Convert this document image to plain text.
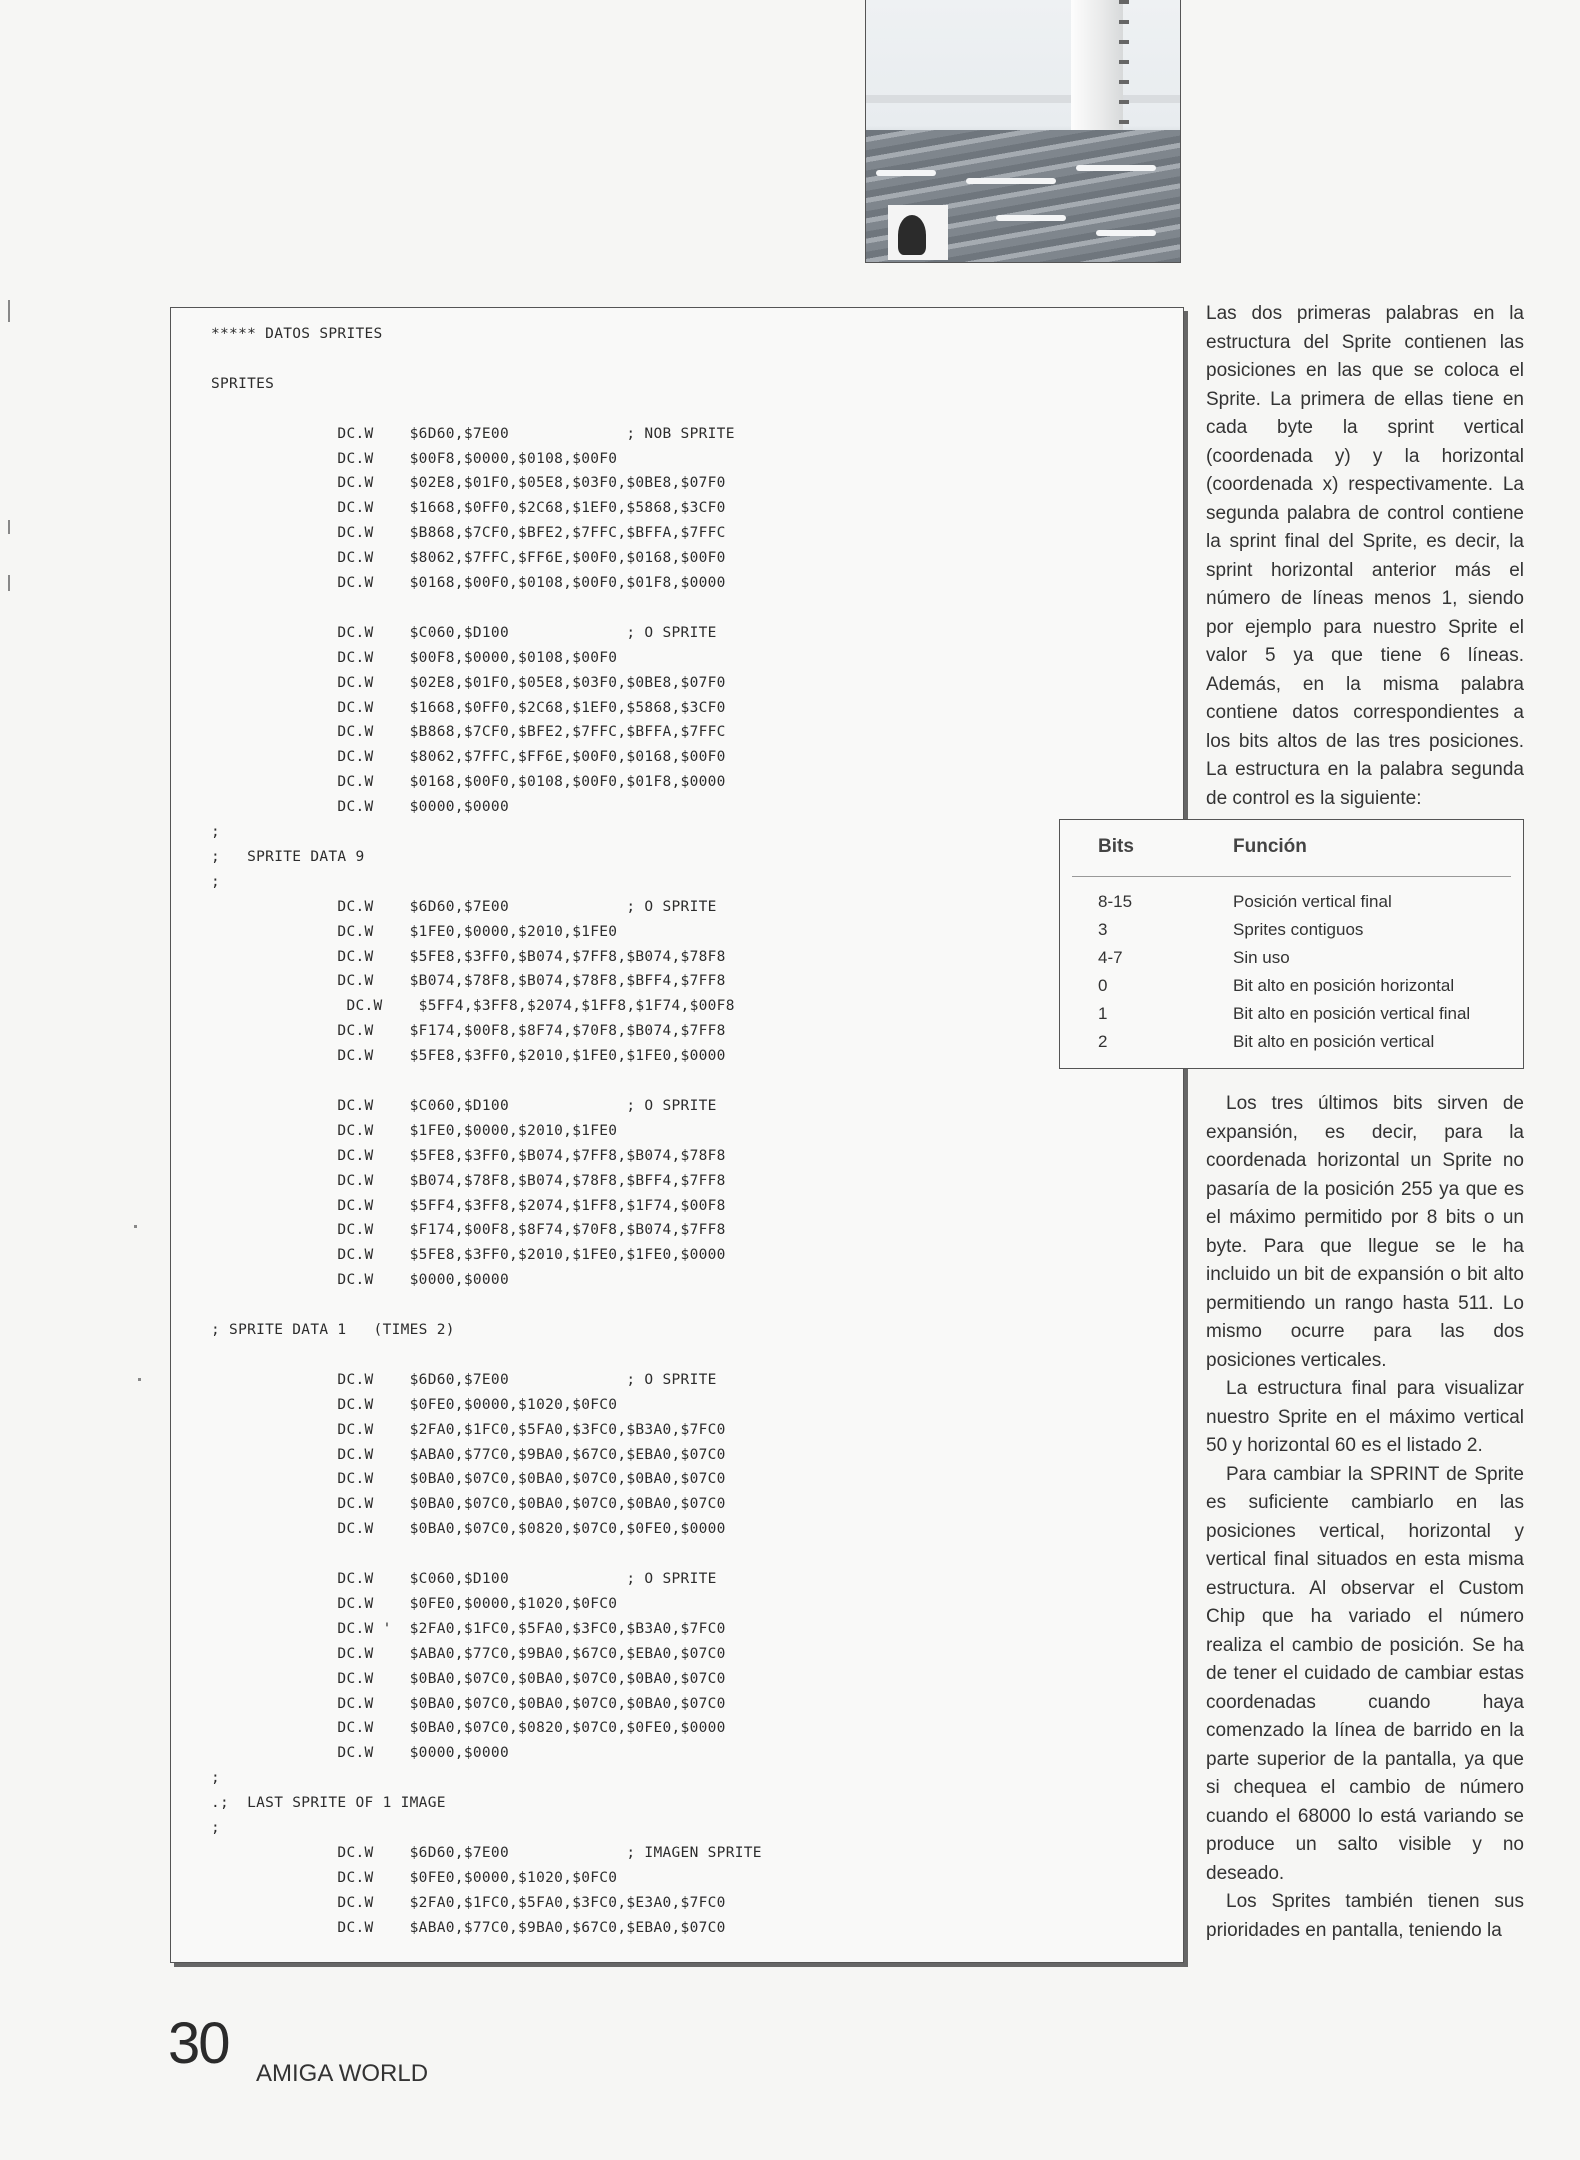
***** DATOS SPRITES
SPRITES
DC.W    $6D60,$7E00             ; NOB SPRITE
DC.W    $00F8,$0000,$0108,$00F0
DC.W    $02E8,$01F0,$05E8,$03F0,$0BE8,$07F0
DC.W    $1668,$0FF0,$2C68,$1EF0,$5868,$3CF0
DC.W    $B868,$7CF0,$BFE2,$7FFC,$BFFA,$7FFC
DC.W    $8062,$7FFC,$FF6E,$00F0,$0168,$00F0
DC.W    $0168,$00F0,$0108,$00F0,$01F8,$0000
DC.W    $C060,$D100             ; O SPRITE
DC.W    $00F8,$0000,$0108,$00F0
DC.W    $02E8,$01F0,$05E8,$03F0,$0BE8,$07F0
DC.W    $1668,$0FF0,$2C68,$1EF0,$5868,$3CF0
DC.W    $B868,$7CF0,$BFE2,$7FFC,$BFFA,$7FFC
DC.W    $8062,$7FFC,$FF6E,$00F0,$0168,$00F0
DC.W    $0168,$00F0,$0108,$00F0,$01F8,$0000
DC.W    $0000,$0000
;
;   SPRITE DATA 9
;
DC.W    $6D60,$7E00             ; O SPRITE
DC.W    $1FE0,$0000,$2010,$1FE0
DC.W    $5FE8,$3FF0,$B074,$7FF8,$B074,$78F8
DC.W    $B074,$78F8,$B074,$78F8,$BFF4,$7FF8
DC.W    $5FF4,$3FF8,$2074,$1FF8,$1F74,$00F8
DC.W    $F174,$00F8,$8F74,$70F8,$B074,$7FF8
DC.W    $5FE8,$3FF0,$2010,$1FE0,$1FE0,$0000
DC.W    $C060,$D100             ; O SPRITE
DC.W    $1FE0,$0000,$2010,$1FE0
DC.W    $5FE8,$3FF0,$B074,$7FF8,$B074,$78F8
DC.W    $B074,$78F8,$B074,$78F8,$BFF4,$7FF8
DC.W    $5FF4,$3FF8,$2074,$1FF8,$1F74,$00F8
DC.W    $F174,$00F8,$8F74,$70F8,$B074,$7FF8
DC.W    $5FE8,$3FF0,$2010,$1FE0,$1FE0,$0000
DC.W    $0000,$0000
; SPRITE DATA 1   (TIMES 2)
DC.W    $6D60,$7E00             ; O SPRITE
DC.W    $0FE0,$0000,$1020,$0FC0
DC.W    $2FA0,$1FC0,$5FA0,$3FC0,$B3A0,$7FC0
DC.W    $ABA0,$77C0,$9BA0,$67C0,$EBA0,$07C0
DC.W    $0BA0,$07C0,$0BA0,$07C0,$0BA0,$07C0
DC.W    $0BA0,$07C0,$0BA0,$07C0,$0BA0,$07C0
DC.W    $0BA0,$07C0,$0820,$07C0,$0FE0,$0000
DC.W    $C060,$D100             ; O SPRITE
DC.W    $0FE0,$0000,$1020,$0FC0
DC.W '  $2FA0,$1FC0,$5FA0,$3FC0,$B3A0,$7FC0
DC.W    $ABA0,$77C0,$9BA0,$67C0,$EBA0,$07C0
DC.W    $0BA0,$07C0,$0BA0,$07C0,$0BA0,$07C0
DC.W    $0BA0,$07C0,$0BA0,$07C0,$0BA0,$07C0
DC.W    $0BA0,$07C0,$0820,$07C0,$0FE0,$0000
DC.W    $0000,$0000
;
.;  LAST SPRITE OF 1 IMAGE
;
DC.W    $6D60,$7E00             ; IMAGEN SPRITE
DC.W    $0FE0,$0000,$1020,$0FC0
DC.W    $2FA0,$1FC0,$5FA0,$3FC0,$E3A0,$7FC0
DC.W    $ABA0,$77C0,$9BA0,$67C0,$EBA0,$07C0

Las dos primeras palabras en la estructura del Sprite contienen las posiciones en las que se coloca el Sprite. La primera de ellas tiene en cada byte la sprint vertical (coordenada y) y la horizontal (coordenada x) respectivamente. La segunda palabra de control contiene la sprint final del Sprite, es decir, la sprint horizontal anterior más el número de líneas menos 1, siendo por ejemplo para nuestro Sprite el valor 5 ya que tiene 6 líneas. Además, en la misma palabra contiene datos correspondientes a los bits altos de las tres posiciones. La estructura en la palabra segunda de control es la siguiente:

Bits	Función
8-15	Posición vertical final
3	Sprites contiguos
4-7	Sin uso
0	Bit alto en posición horizontal
1	Bit alto en posición vertical final
2	Bit alto en posición vertical

Los tres últimos bits sirven de expansión, es decir, para la coordenada horizontal un Sprite no pasaría de la posición 255 ya que es el máximo permitido por 8 bits o un byte. Para que llegue se le ha incluido un bit de expansión o bit alto permitiendo un rango hasta 511. Lo mismo ocurre para las dos posiciones verticales.

La estructura final para visualizar nuestro Sprite en el máximo vertical 50 y horizontal 60 es el listado 2.

Para cambiar la SPRINT de Sprite es suficiente cambiarlo en las posiciones vertical, horizontal y vertical final situados en esta misma estructura. Al observar el Custom Chip que ha variado el número realiza el cambio de posición. Se ha de tener el cuidado de cambiar estas coordenadas cuando haya comenzado la línea de barrido en la parte superior de la pantalla, ya que si chequea el cambio de número cuando el 68000 lo está variando se produce un salto visible y no deseado.

Los Sprites también tienen sus prioridades en pantalla, teniendo la

30 AMIGA WORLD
